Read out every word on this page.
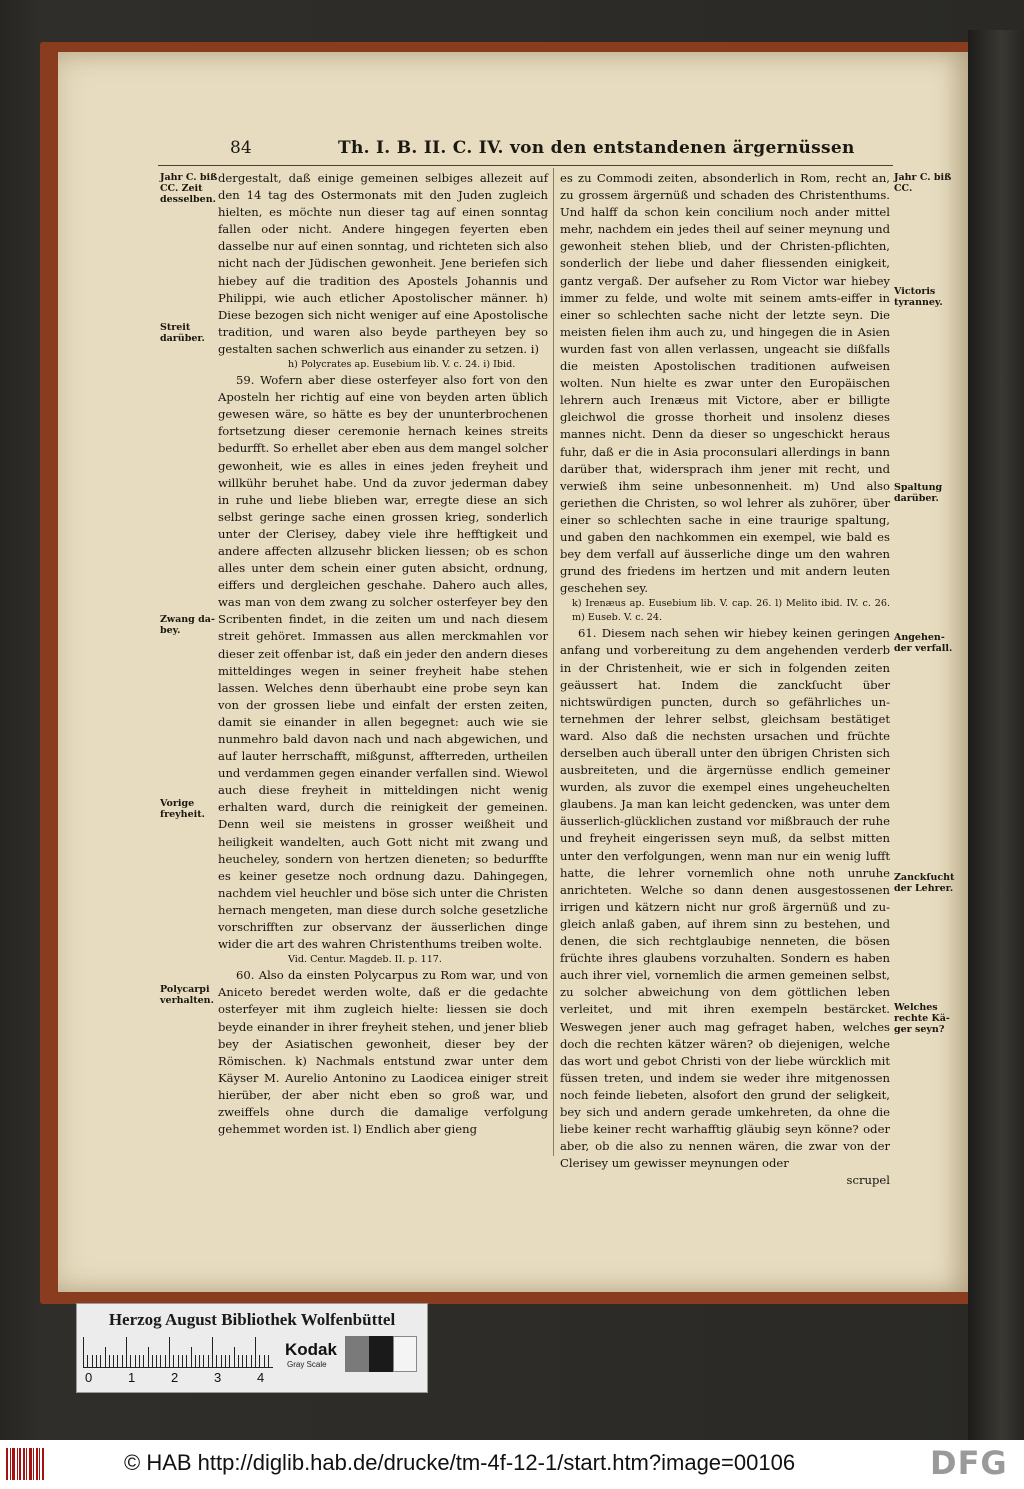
84	Th. I. B. II. C. IV. von den entstandenen ärgernüssen
Jahr C. biß CC. Zeit desselben.
Streit darüber.
Zwang dabey.
Vorige freyheit.
Polycarpi verhalten.
Jahr C. biß CC.
Victoris tyranney.
Spaltung darüber.
Angehender verfall.
Zanckſucht der Lehrer.
Welches rechte Käger seyn?

dergestalt, daß einige gemeinen selbiges allezeit auf den 14 tag des Ostermonats mit den Juden zugleich hielten, es möchte nun dieser tag auf einen sonntag fallen oder nicht. Andere hingegen feyerten eben dasselbe nur auf einen sonntag, und richteten sich also nicht nach der Jüdischen gewonheit. Jene beriefen sich hiebey auf die tradition des Apostels Johannis und Philippi, wie auch etlicher Apostolischer männer. h) Diese bezogen sich nicht weniger auf eine Apostolische tradition, und waren also beyde partheyen bey so gestalten sachen schwerlich aus einander zu setzen. i)

h) Polycrates ap. Eusebium lib. V. c. 24. i) Ibid.

59. Wofern aber diese osterfeyer also fort von den Aposteln her richtig auf eine von beyden arten üblich gewesen wäre, so hätte es bey der ununterbrochenen fortsetzung dieser ceremonie hernach keines streits bedurfft. So erhellet aber eben aus dem mangel solcher gewonheit, wie es alles in eines jeden freyheit und willkühr beruhet habe. Und da zuvor jederman dabey in ruhe und liebe blieben war, erregte diese an sich selbst geringe sache einen grossen krieg, sonderlich unter der Clerisey, dabey viele ihre hefftigkeit und andere affecten allzusehr blicken liessen; ob es schon alles unter dem schein einer guten absicht, ordnung, eiffers und dergleichen geschahe. Dahero auch alles, was man von dem zwang zu solcher osterfeyer bey den Scribenten findet, in die zeiten um und nach diesem streit gehöret. Immassen aus allen merckmahlen vor dieser zeit offenbar ist, daß ein jeder den andern dieses mitteldinges wegen in seiner freyheit habe stehen lassen. Welches denn überhaubt eine probe seyn kan von der grossen liebe und einfalt der ersten zeiten, damit sie einander in allen begegnet: auch wie sie nunmehro bald davon nach und nach abgewichen, und auf lauter herrschafft, mißgunst, affterreden, urtheilen und verdammen gegen einander verfallen sind. Wiewol auch diese freyheit in mitteldingen nicht wenig erhalten ward, durch die reinigkeit der gemeinen. Denn weil sie meistens in grosser weißheit und heiligkeit wandelten, auch Gott nicht mit zwang und heucheley, sondern von hertzen dieneten; so bedurffte es keiner gesetze noch ordnung dazu. Dahingegen, nachdem viel heuchler und böse sich unter die Christen hernach mengeten, man diese durch solche gesetzliche vorschrifften zur observanz der äusserlichen dinge wider die art des wahren Christenthums treiben wolte.

Vid. Centur. Magdeb. II. p. 117.

60. Also da einsten Polycarpus zu Rom war, und von Aniceto beredet werden wolte, daß er die gedachte osterfeyer mit ihm zugleich hielte: liessen sie doch beyde einander in ihrer freyheit stehen, und jener blieb bey der Asiatischen gewonheit, dieser bey der Römischen. k) Nachmals entstund zwar unter dem Käyser M. Aurelio Antonino zu Laodicea einiger streit hierüber, der aber nicht eben so groß war, und zweiffels ohne durch die damalige verfolgung gehemmet worden ist. l) Endlich aber gieng

es zu Commodi zeiten, absonderlich in Rom, recht an, zu grossem ärgernüß und schaden des Christenthums. Und halff da schon kein concilium noch ander mittel mehr, nachdem ein jedes theil auf seiner meynung und gewonheit stehen blieb, und der Christen-pflichten, sonderlich der liebe und daher fliessenden einigkeit, gantz vergaß. Der aufseher zu Rom Victor war hiebey immer zu felde, und wolte mit seinem amts-eiffer in einer so schlechten sache nicht der letzte seyn. Die meisten fielen ihm auch zu, und hingegen die in Asien wurden fast von allen verlassen, ungeacht sie dißfalls die meisten Apostolischen traditionen aufweisen wolten. Nun hielte es zwar unter den Europäischen lehrern auch Irenæus mit Victore, aber er billigte gleichwol die grosse thorheit und insolenz dieses mannes nicht. Denn da dieser so ungeschickt heraus fuhr, daß er die in Asia proconsulari allerdings in bann darüber that, widersprach ihm jener mit recht, und verwieß ihm seine unbesonnenheit. m) Und also geriethen die Christen, so wol lehrer als zuhörer, über einer so schlechten sache in eine traurige spaltung, und gaben den nachkommen ein exempel, wie bald es bey dem verfall auf äusserliche dinge um den wahren grund des friedens im hertzen und mit andern leuten geschehen sey.

k) Irenæus ap. Eusebium lib. V. cap. 26. l) Melito ibid. IV. c. 26. m) Euseb. V. c. 24.

61. Diesem nach sehen wir hiebey keinen geringen anfang und vorbereitung zu dem angehenden verderb in der Christenheit, wie er sich in folgenden zeiten geäussert hat. Indem die zanckſucht über nichtswürdigen puncten, durch so gefährliches unternehmen der lehrer selbst, gleichsam bestätiget ward. Also daß die nechsten ursachen und früchte derselben auch überall unter den übrigen Christen sich ausbreiteten, und die ärgernüsse endlich gemeiner wurden, als zuvor die exempel eines ungeheuchelten glaubens. Ja man kan leicht gedencken, was unter dem äusserlich-glücklichen zustand vor mißbrauch der ruhe und freyheit eingerissen seyn muß, da selbst mitten unter den verfolgungen, wenn man nur ein wenig lufft hatte, die lehrer vornemlich ohne noth unruhe anrichteten. Welche so dann denen ausgestossenen irrigen und kätzern nicht nur groß ärgernüß und zugleich anlaß gaben, auf ihrem sinn zu bestehen, und denen, die sich rechtglaubige nenneten, die bösen früchte ihres glaubens vorzuhalten. Sondern es haben auch ihrer viel, vornemlich die armen gemeinen selbst, zu solcher abweichung von dem göttlichen leben verleitet, und mit ihren exempeln bestärcket. Weswegen jener auch mag gefraget haben, welches doch die rechten kätzer wären? ob diejenigen, welche das wort und gebot Christi von der liebe würcklich mit füssen treten, und indem sie weder ihre mitgenossen noch feinde liebeten, alsofort den grund der seligkeit, bey sich und andern gerade umkehreten, da ohne die liebe keiner recht warhafftig gläubig seyn könne? oder aber, ob die also zu nennen wären, die zwar von der Clerisey um gewisser meynungen oder

scrupel

Herzog August Bibliothek Wolfenbüttel
0	1	2	3	4
Kodak
Gray Scale
© HAB http://diglib.hab.de/drucke/tm-4f-12-1/start.htm?image=00106	DFG
